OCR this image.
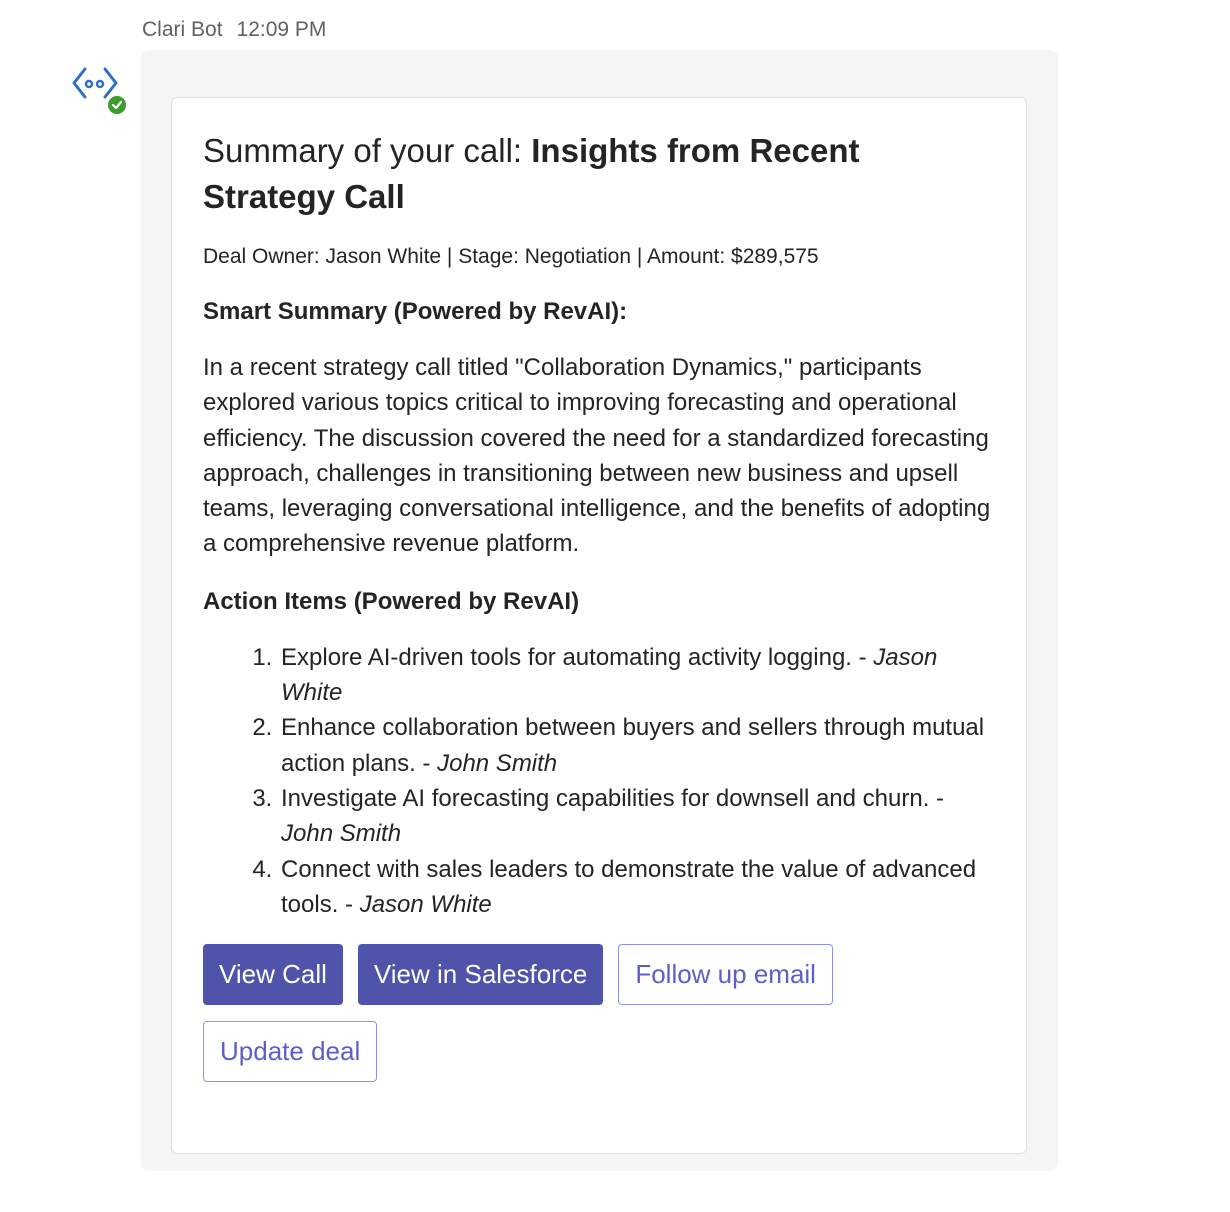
Clari Bot 12:09 PM
Summary of your call: Insights from Recent Strategy Call
Deal Owner: Jason White | Stage: Negotiation | Amount: $289,575
Smart Summary (Powered by RevAI):
In a recent strategy call titled "Collaboration Dynamics," participants explored various topics critical to improving forecasting and operational efficiency. The discussion covered the need for a standardized forecasting approach, challenges in transitioning between new business and upsell teams, leveraging conversational intelligence, and the benefits of adopting a comprehensive revenue platform.
Action Items (Powered by RevAI)
1. Explore AI-driven tools for automating activity logging. - Jason White
2. Enhance collaboration between buyers and sellers through mutual action plans. - John Smith
3. Investigate AI forecasting capabilities for downsell and churn. - John Smith
4. Connect with sales leaders to demonstrate the value of advanced tools. - Jason White
View Call	View in Salesforce	Follow up email
Update deal
